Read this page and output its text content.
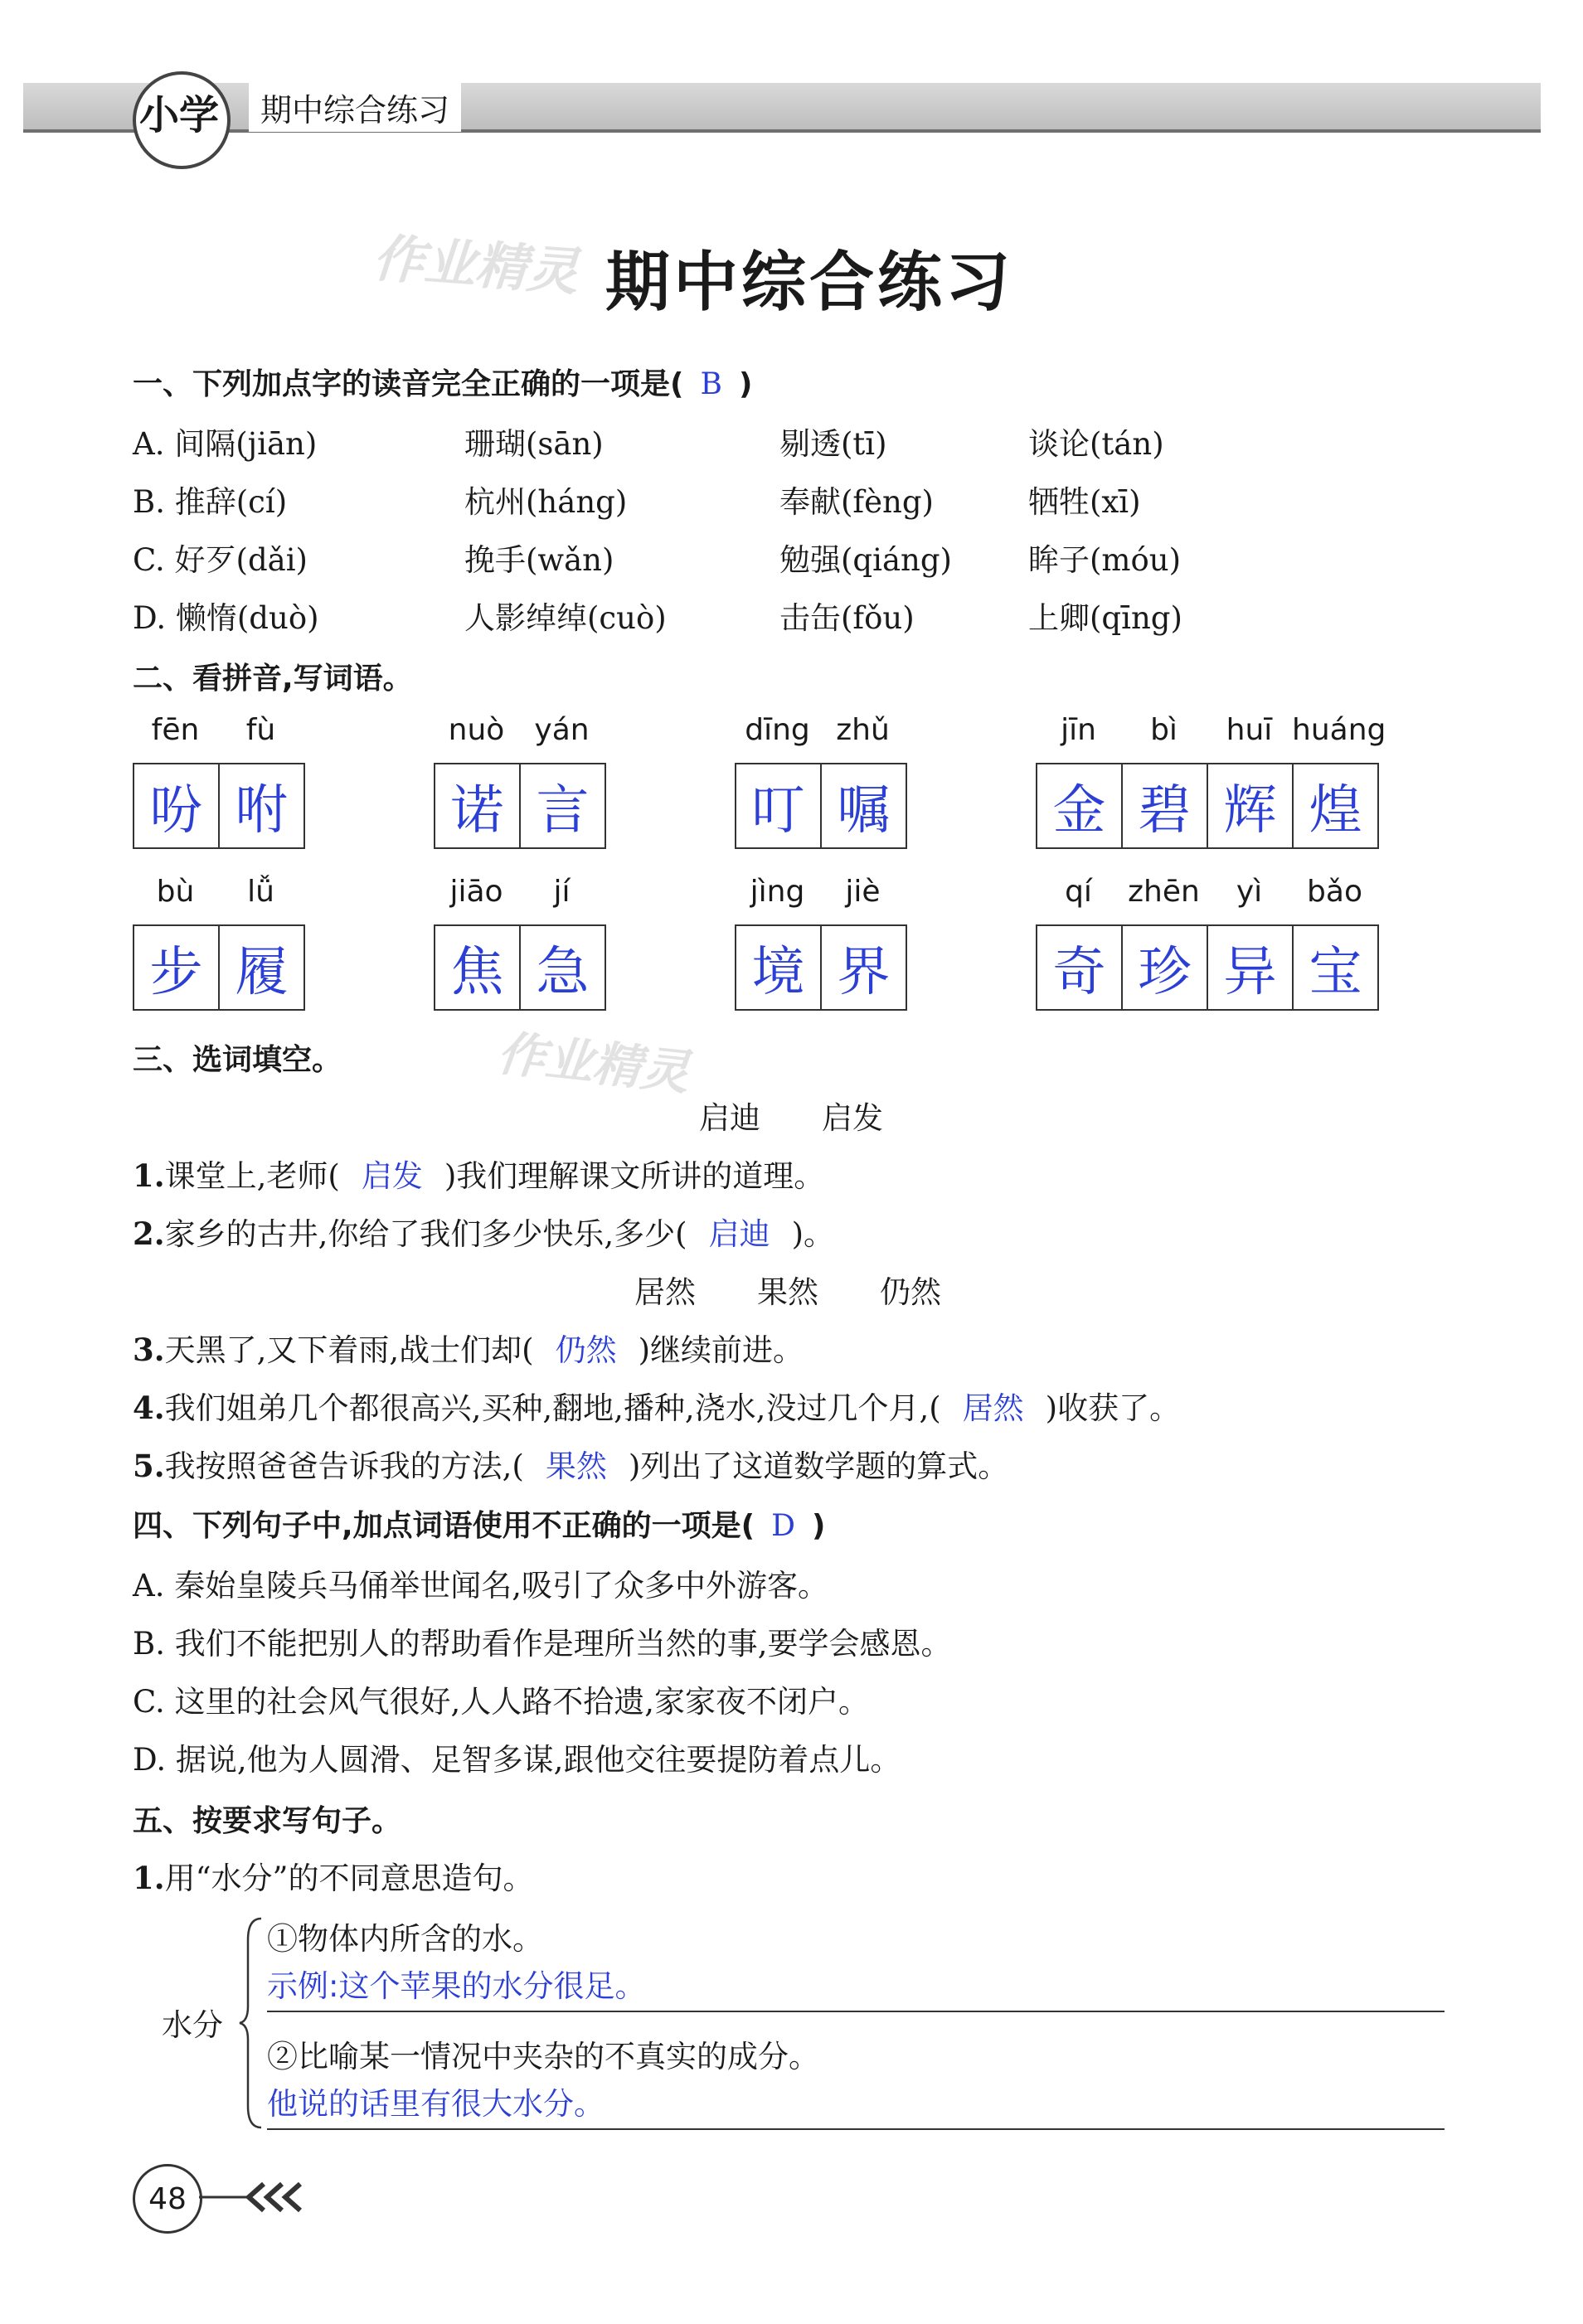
小学	期中综合练习
作业精灵
作业精灵
期中综合练习
一、下列加点字的读音完全正确的一项是( B )
A. 间隔(jiān)	珊瑚(sān)	剔透(tī)	谈论(tán)
B. 推辞(cí)	杭州(háng)	奉献(fèng)	牺牲(xī)
C. 好歹(dǎi)	挽手(wǎn)	勉强(qiáng) 眸子(móu)
D. 懒惰(duò)	人影绰绰(cuò)	击缶(fǒu)	上卿(qīng)
二、看拼音,写词语。
fēn	fù
吩 咐
nuò	yán
诺 言
dīng zhǔ
叮 嘱
jīn	bì	huī huáng
金 碧 辉 煌
bù	lǚ
步 履
jiāo	jí
焦 急
jìng	jiè
境 界
qí	zhēn	yì	bǎo
奇 珍 异 宝
三、选词填空。
启迪　　启发
居然　　果然　　仍然
1.课堂上,老师( 启发 )我们理解课文所讲的道理。
2.家乡的古井,你给了我们多少快乐,多少( 启迪 )。
3.天黑了,又下着雨,战士们却( 仍然 )继续前进。
4.我们姐弟几个都很高兴,买种,翻地,播种,浇水,没过几个月,( 居然 )收获了。
5.我按照爸爸告诉我的方法,( 果然 )列出了这道数学题的算式。
四、下列句子中,加点词语使用不正确的一项是( D )
A. 秦始皇陵兵马俑举世闻名,吸引了众多中外游客。
B. 我们不能把别人的帮助看作是理所当然的事,要学会感恩。
C. 这里的社会风气很好,人人路不拾遗,家家夜不闭户。
D. 据说,他为人圆滑、足智多谋,跟他交往要提防着点儿。
五、按要求写句子。
1.用“水分”的不同意思造句。
水分
①物体内所含的水。
示例:这个苹果的水分很足。
②比喻某一情况中夹杂的不真实的成分。
他说的话里有很大水分。
48
